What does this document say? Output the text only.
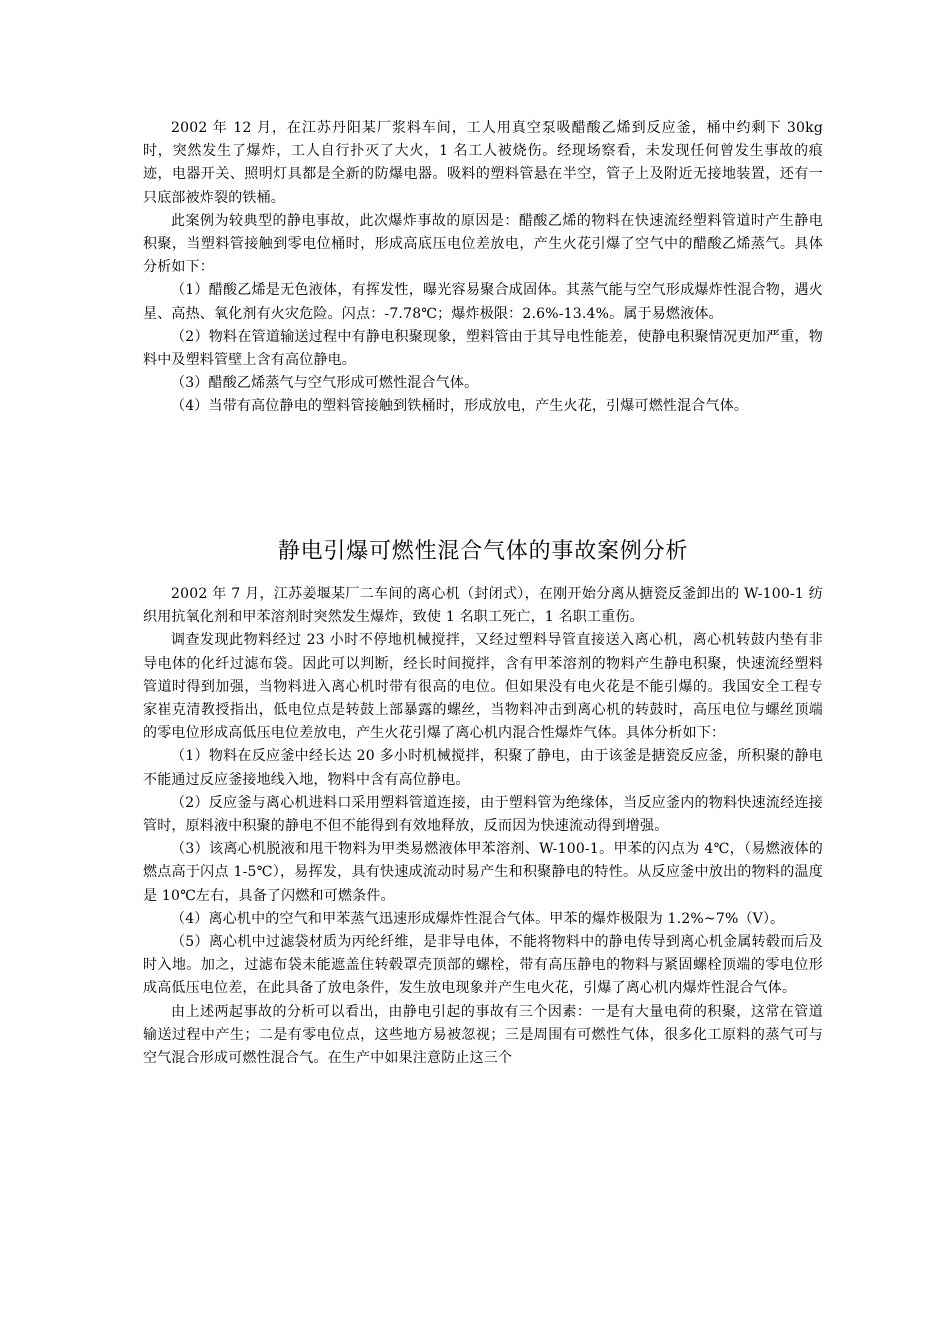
2002 年 12 月，在江苏丹阳某厂浆料车间，工人用真空泵吸醋酸乙烯到反应釜，桶中约剩下 30kg 时，突然发生了爆炸，工人自行扑灭了大火，1 名工人被烧伤。经现场察看，未发现任何曾发生事故的痕迹，电器开关、照明灯具都是全新的防爆电器。吸料的塑料管悬在半空，管子上及附近无接地装置，还有一只底部被炸裂的铁桶。

此案例为较典型的静电事故，此次爆炸事故的原因是：醋酸乙烯的物料在快速流经塑料管道时产生静电积聚，当塑料管接触到零电位桶时，形成高底压电位差放电，产生火花引爆了空气中的醋酸乙烯蒸气。具体分析如下：

（1）醋酸乙烯是无色液体，有挥发性，曝光容易聚合成固体。其蒸气能与空气形成爆炸性混合物，遇火星、高热、氧化剂有火灾危险。闪点：-7.78℃；爆炸极限：2.6%-13.4%。属于易燃液体。

（2）物料在管道输送过程中有静电积聚现象，塑料管由于其导电性能差，使静电积聚情况更加严重，物料中及塑料管壁上含有高位静电。

（3）醋酸乙烯蒸气与空气形成可燃性混合气体。

（4）当带有高位静电的塑料管接触到铁桶时，形成放电，产生火花，引爆可燃性混合气体。

静电引爆可燃性混合气体的事故案例分析

2002 年 7 月，江苏姜堰某厂二车间的离心机（封闭式），在刚开始分离从搪瓷反釜卸出的 W-100-1 纺织用抗氧化剂和甲苯溶剂时突然发生爆炸，致使 1 名职工死亡，1 名职工重伤。

调查发现此物料经过 23 小时不停地机械搅拌，又经过塑料导管直接送入离心机，离心机转鼓内垫有非导电体的化纤过滤布袋。因此可以判断，经长时间搅拌，含有甲苯溶剂的物料产生静电积聚，快速流经塑料管道时得到加强，当物料进入离心机时带有很高的电位。但如果没有电火花是不能引爆的。我国安全工程专家崔克清教授指出，低电位点是转鼓上部暴露的螺丝，当物料冲击到离心机的转鼓时，高压电位与螺丝顶端的零电位形成高低压电位差放电，产生火花引爆了离心机内混合性爆炸气体。具体分析如下：

（1）物料在反应釜中经长达 20 多小时机械搅拌，积聚了静电，由于该釜是搪瓷反应釜，所积聚的静电不能通过反应釜接地线入地，物料中含有高位静电。

（2）反应釜与离心机进料口采用塑料管道连接，由于塑料管为绝缘体，当反应釜内的物料快速流经连接管时，原料液中积聚的静电不但不能得到有效地释放，反而因为快速流动得到增强。

（3）该离心机脱液和甩干物料为甲类易燃液体甲苯溶剂、W-100-1。甲苯的闪点为 4℃，（易燃液体的燃点高于闪点 1-5℃），易挥发，具有快速成流动时易产生和积聚静电的特性。从反应釜中放出的物料的温度是 10℃左右，具备了闪燃和可燃条件。

（4）离心机中的空气和甲苯蒸气迅速形成爆炸性混合气体。甲苯的爆炸极限为 1.2%~7%（V）。

（5）离心机中过滤袋材质为丙纶纤维，是非导电体，不能将物料中的静电传导到离心机金属转毂而后及时入地。加之，过滤布袋未能遮盖住转毂罩壳顶部的螺栓，带有高压静电的物料与紧固螺栓顶端的零电位形成高低压电位差，在此具备了放电条件，发生放电现象并产生电火花，引爆了离心机内爆炸性混合气体。

由上述两起事故的分析可以看出，由静电引起的事故有三个因素：一是有大量电荷的积聚，这常在管道输送过程中产生；二是有零电位点，这些地方易被忽视；三是周围有可燃性气体，很多化工原料的蒸气可与空气混合形成可燃性混合气。在生产中如果注意防止这三个
